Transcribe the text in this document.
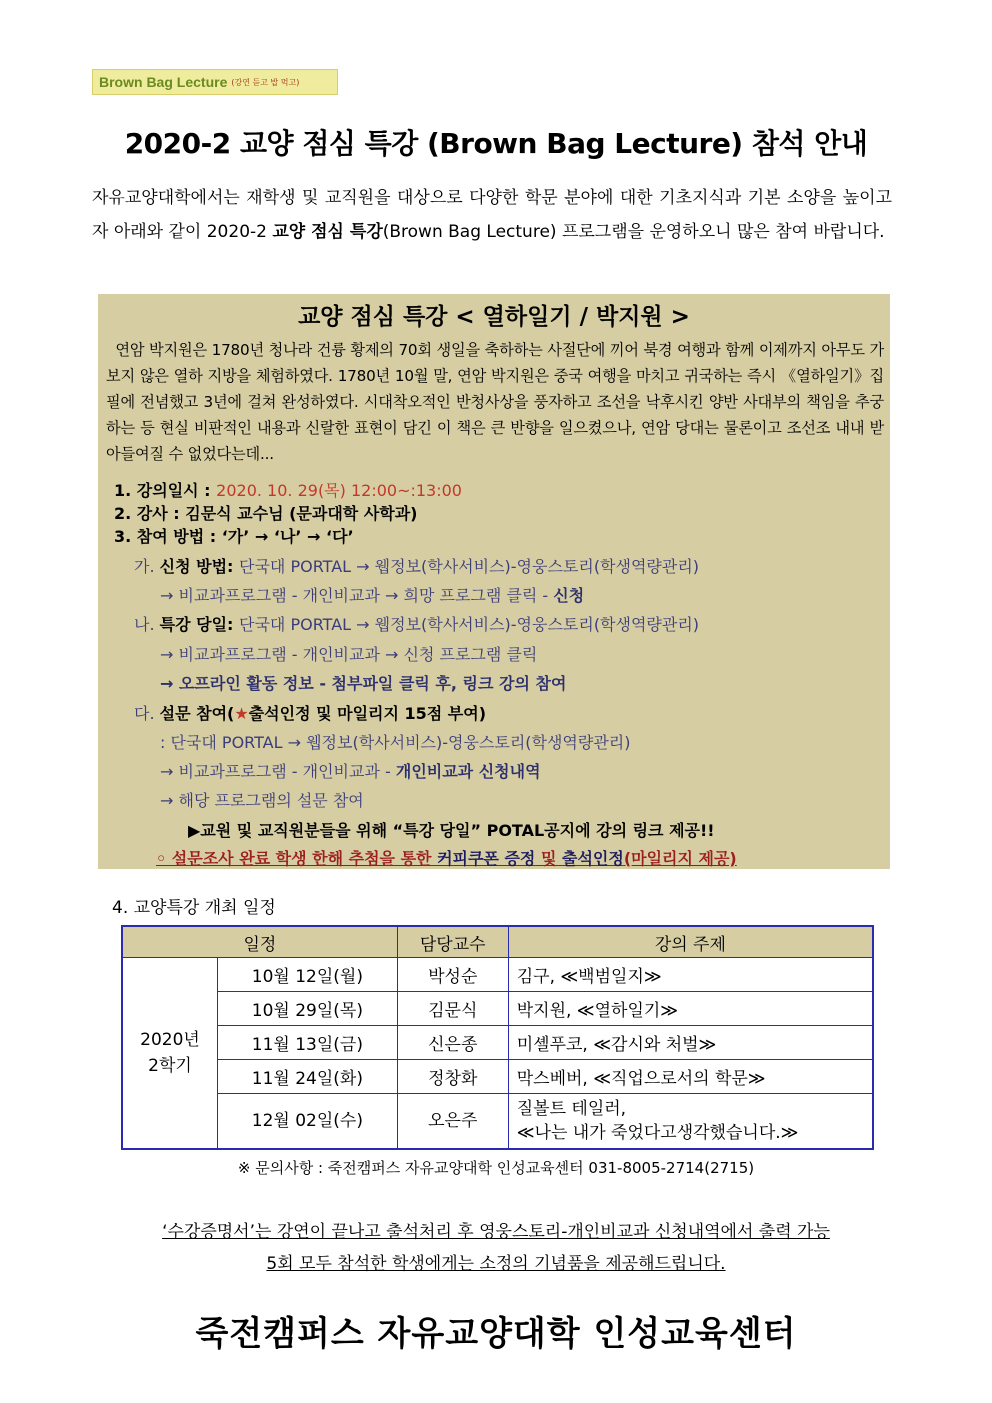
Brown Bag Lecture (강연 듣고 밥 먹고)
2020-2 교양 점심 특강 (Brown Bag Lecture) 참석 안내
자유교양대학에서는 재학생 및 교직원을 대상으로 다양한 학문 분야에 대한 기초지식과 기본 소양을 높이고자 아래와 같이 2020-2 교양 점심 특강(Brown Bag Lecture) 프로그램을 운영하오니 많은 참여 바랍니다.
교양 점심 특강 < 열하일기 / 박지원 >
연암 박지원은 1780년 청나라 건륭 황제의 70회 생일을 축하하는 사절단에 끼어 북경 여행과 함께 이제까지 아무도 가보지 않은 열하 지방을 체험하였다. 1780년 10월 말, 연암 박지원은 중국 여행을 마치고 귀국하는 즉시 《열하일기》집필에 전념했고 3년에 걸쳐 완성하였다. 시대착오적인 반청사상을 풍자하고 조선을 낙후시킨 양반 사대부의 책임을 추궁하는 등 현실 비판적인 내용과 신랄한 표현이 담긴 이 책은 큰 반향을 일으켰으나, 연암 당대는 물론이고 조선조 내내 받아들여질 수 없었다는데...
1. 강의일시 : 2020. 10. 29(목) 12:00~:13:00
2. 강사 : 김문식 교수님 (문과대학 사학과)
3. 참여 방법 : ‘가’ → ‘나’ → ‘다’
가. 신청 방법: 단국대 PORTAL → 웹정보(학사서비스)-영웅스토리(학생역량관리)
→ 비교과프로그램 - 개인비교과 → 희망 프로그램 클릭 - 신청
나. 특강 당일: 단국대 PORTAL → 웹정보(학사서비스)-영웅스토리(학생역량관리)
→ 비교과프로그램 - 개인비교과 → 신청 프로그램 클릭
→ 오프라인 활동 정보 - 첨부파일 클릭 후, 링크 강의 참여
다. 설문 참여(★출석인정 및 마일리지 15점 부여)
: 단국대 PORTAL → 웹정보(학사서비스)-영웅스토리(학생역량관리)
→ 비교과프로그램 - 개인비교과 - 개인비교과 신청내역
→ 해당 프로그램의 설문 참여
▶교원 및 교직원분들을 위해 “특강 당일” POTAL공지에 강의 링크 제공!!
◦ 설문조사 완료 학생 한해 추첨을 통한 커피쿠폰 증정 및 출석인정(마일리지 제공)
4. 교양특강 개최 일정
일정		담당교수	강의 주제
2020년
2학기	10월 12일(월)	박성순	김구, ≪백범일지≫
	10월 29일(목)	김문식	박지원, ≪열하일기≫
	11월 13일(금)	신은종	미셸푸코, ≪감시와 처벌≫
	11월 24일(화)	정창화	막스베버, ≪직업으로서의 학문≫
	12월 02일(수)	오은주	질볼트 테일러,
≪나는 내가 죽었다고생각했습니다.≫
※ 문의사항 : 죽전캠퍼스 자유교양대학 인성교육센터 031-8005-2714(2715)
‘수강증명서’는 강연이 끝나고 출석처리 후 영웅스토리-개인비교과 신청내역에서 출력 가능
5회 모두 참석한 학생에게는 소정의 기념품을 제공해드립니다.
죽전캠퍼스 자유교양대학 인성교육센터
